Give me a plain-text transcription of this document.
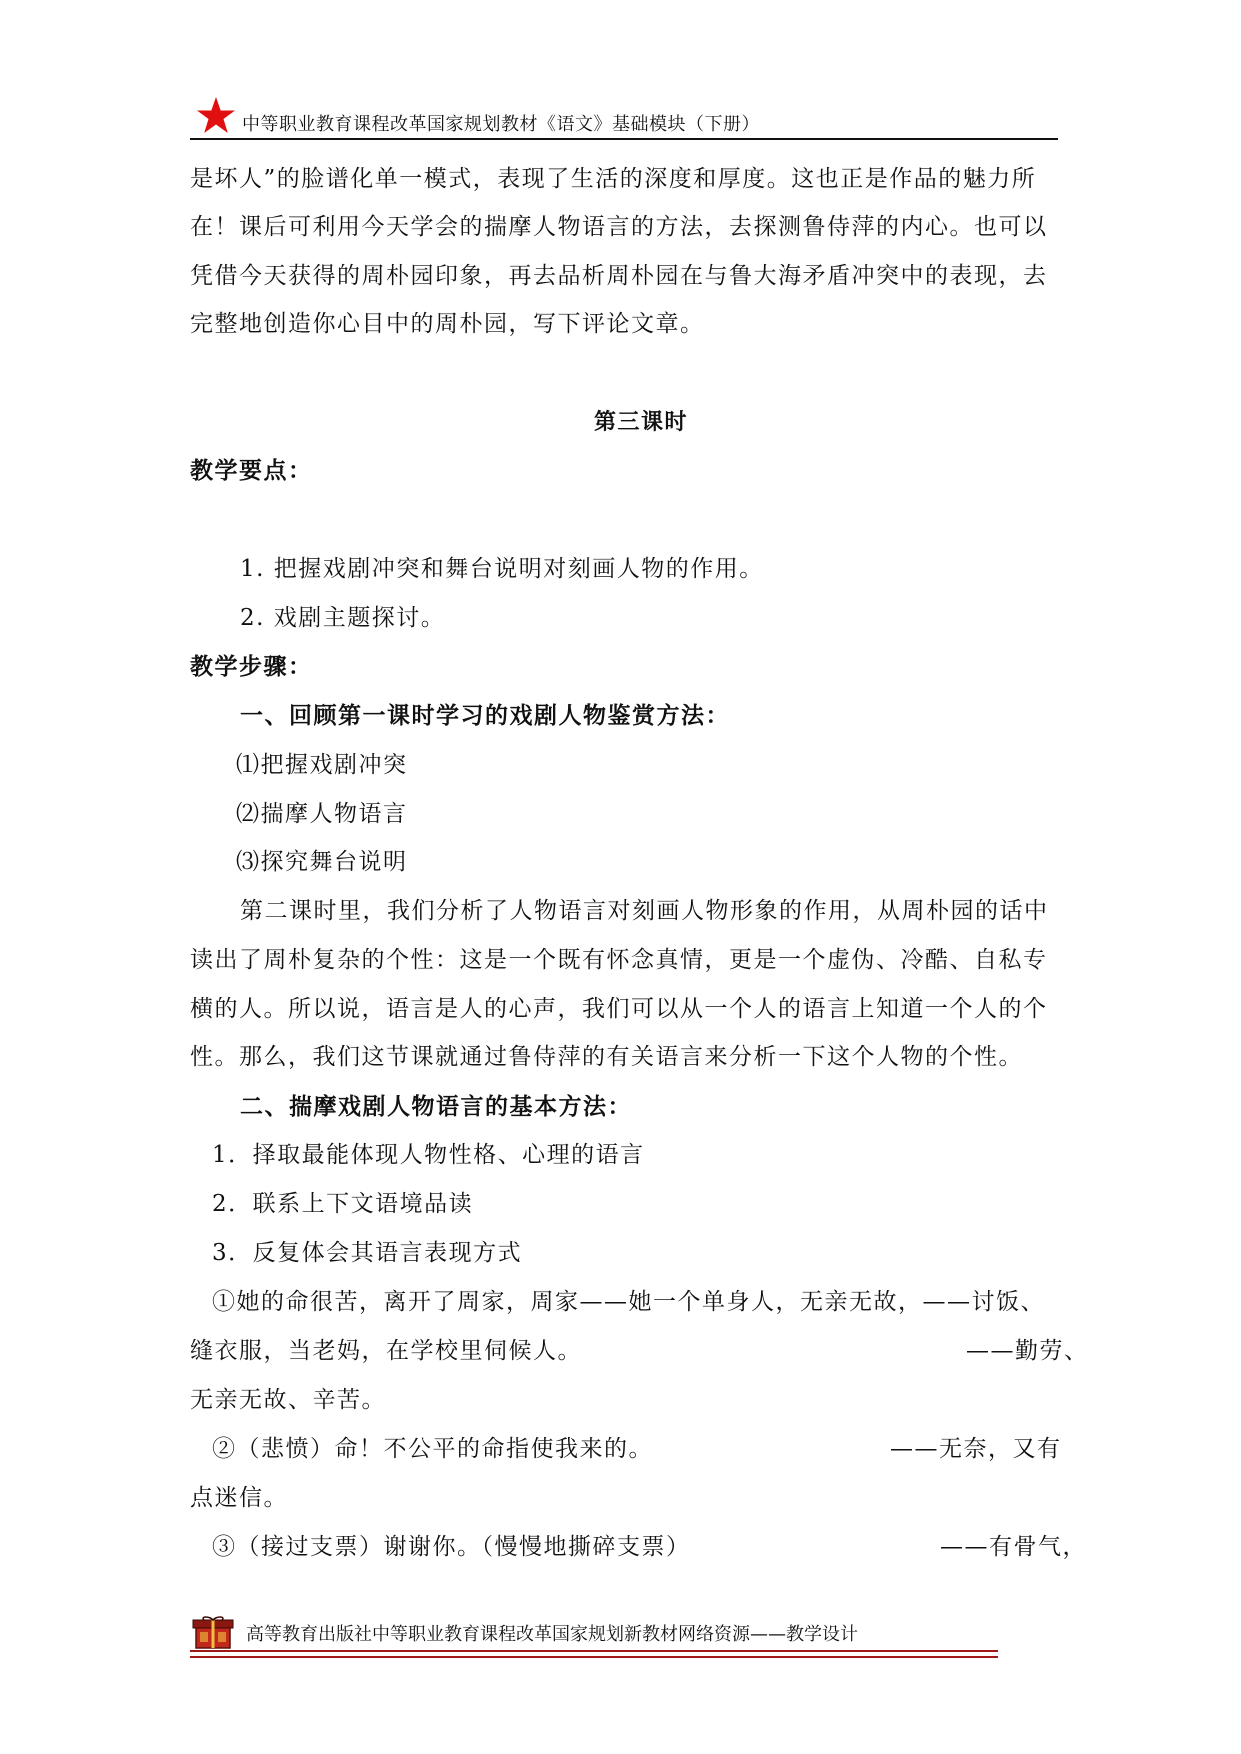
中等职业教育课程改革国家规划教材《语文》基础模块（下册）
是坏人”的脸谱化单一模式，表现了生活的深度和厚度。这也正是作品的魅力所
在！课后可利用今天学会的揣摩人物语言的方法，去探测鲁侍萍的内心。也可以
凭借今天获得的周朴园印象，再去品析周朴园在与鲁大海矛盾冲突中的表现，去
完整地创造你心目中的周朴园，写下评论文章。
第三课时
教学要点：
1. 把握戏剧冲突和舞台说明对刻画人物的作用。
2. 戏剧主题探讨。
教学步骤：
一、回顾第一课时学习的戏剧人物鉴赏方法：
⑴把握戏剧冲突
⑵揣摩人物语言
⑶探究舞台说明
第二课时里，我们分析了人物语言对刻画人物形象的作用，从周朴园的话中
读出了周朴复杂的个性：这是一个既有怀念真情，更是一个虚伪、冷酷、自私专
横的人。所以说，语言是人的心声，我们可以从一个人的语言上知道一个人的个
性。那么，我们这节课就通过鲁侍萍的有关语言来分析一下这个人物的个性。
二、揣摩戏剧人物语言的基本方法：
1．择取最能体现人物性格、心理的语言
2．联系上下文语境品读
3．反复体会其语言表现方式
①她的命很苦，离开了周家，周家——她一个单身人，无亲无故，——讨饭、
缝衣服，当老妈，在学校里伺候人。	——勤劳、
无亲无故、辛苦。
②（悲愤）命！不公平的命指使我来的。	——无奈，又有
点迷信。
③（接过支票）谢谢你。（慢慢地撕碎支票）	——有骨气，
高等教育出版社中等职业教育课程改革国家规划新教材网络资源——教学设计
